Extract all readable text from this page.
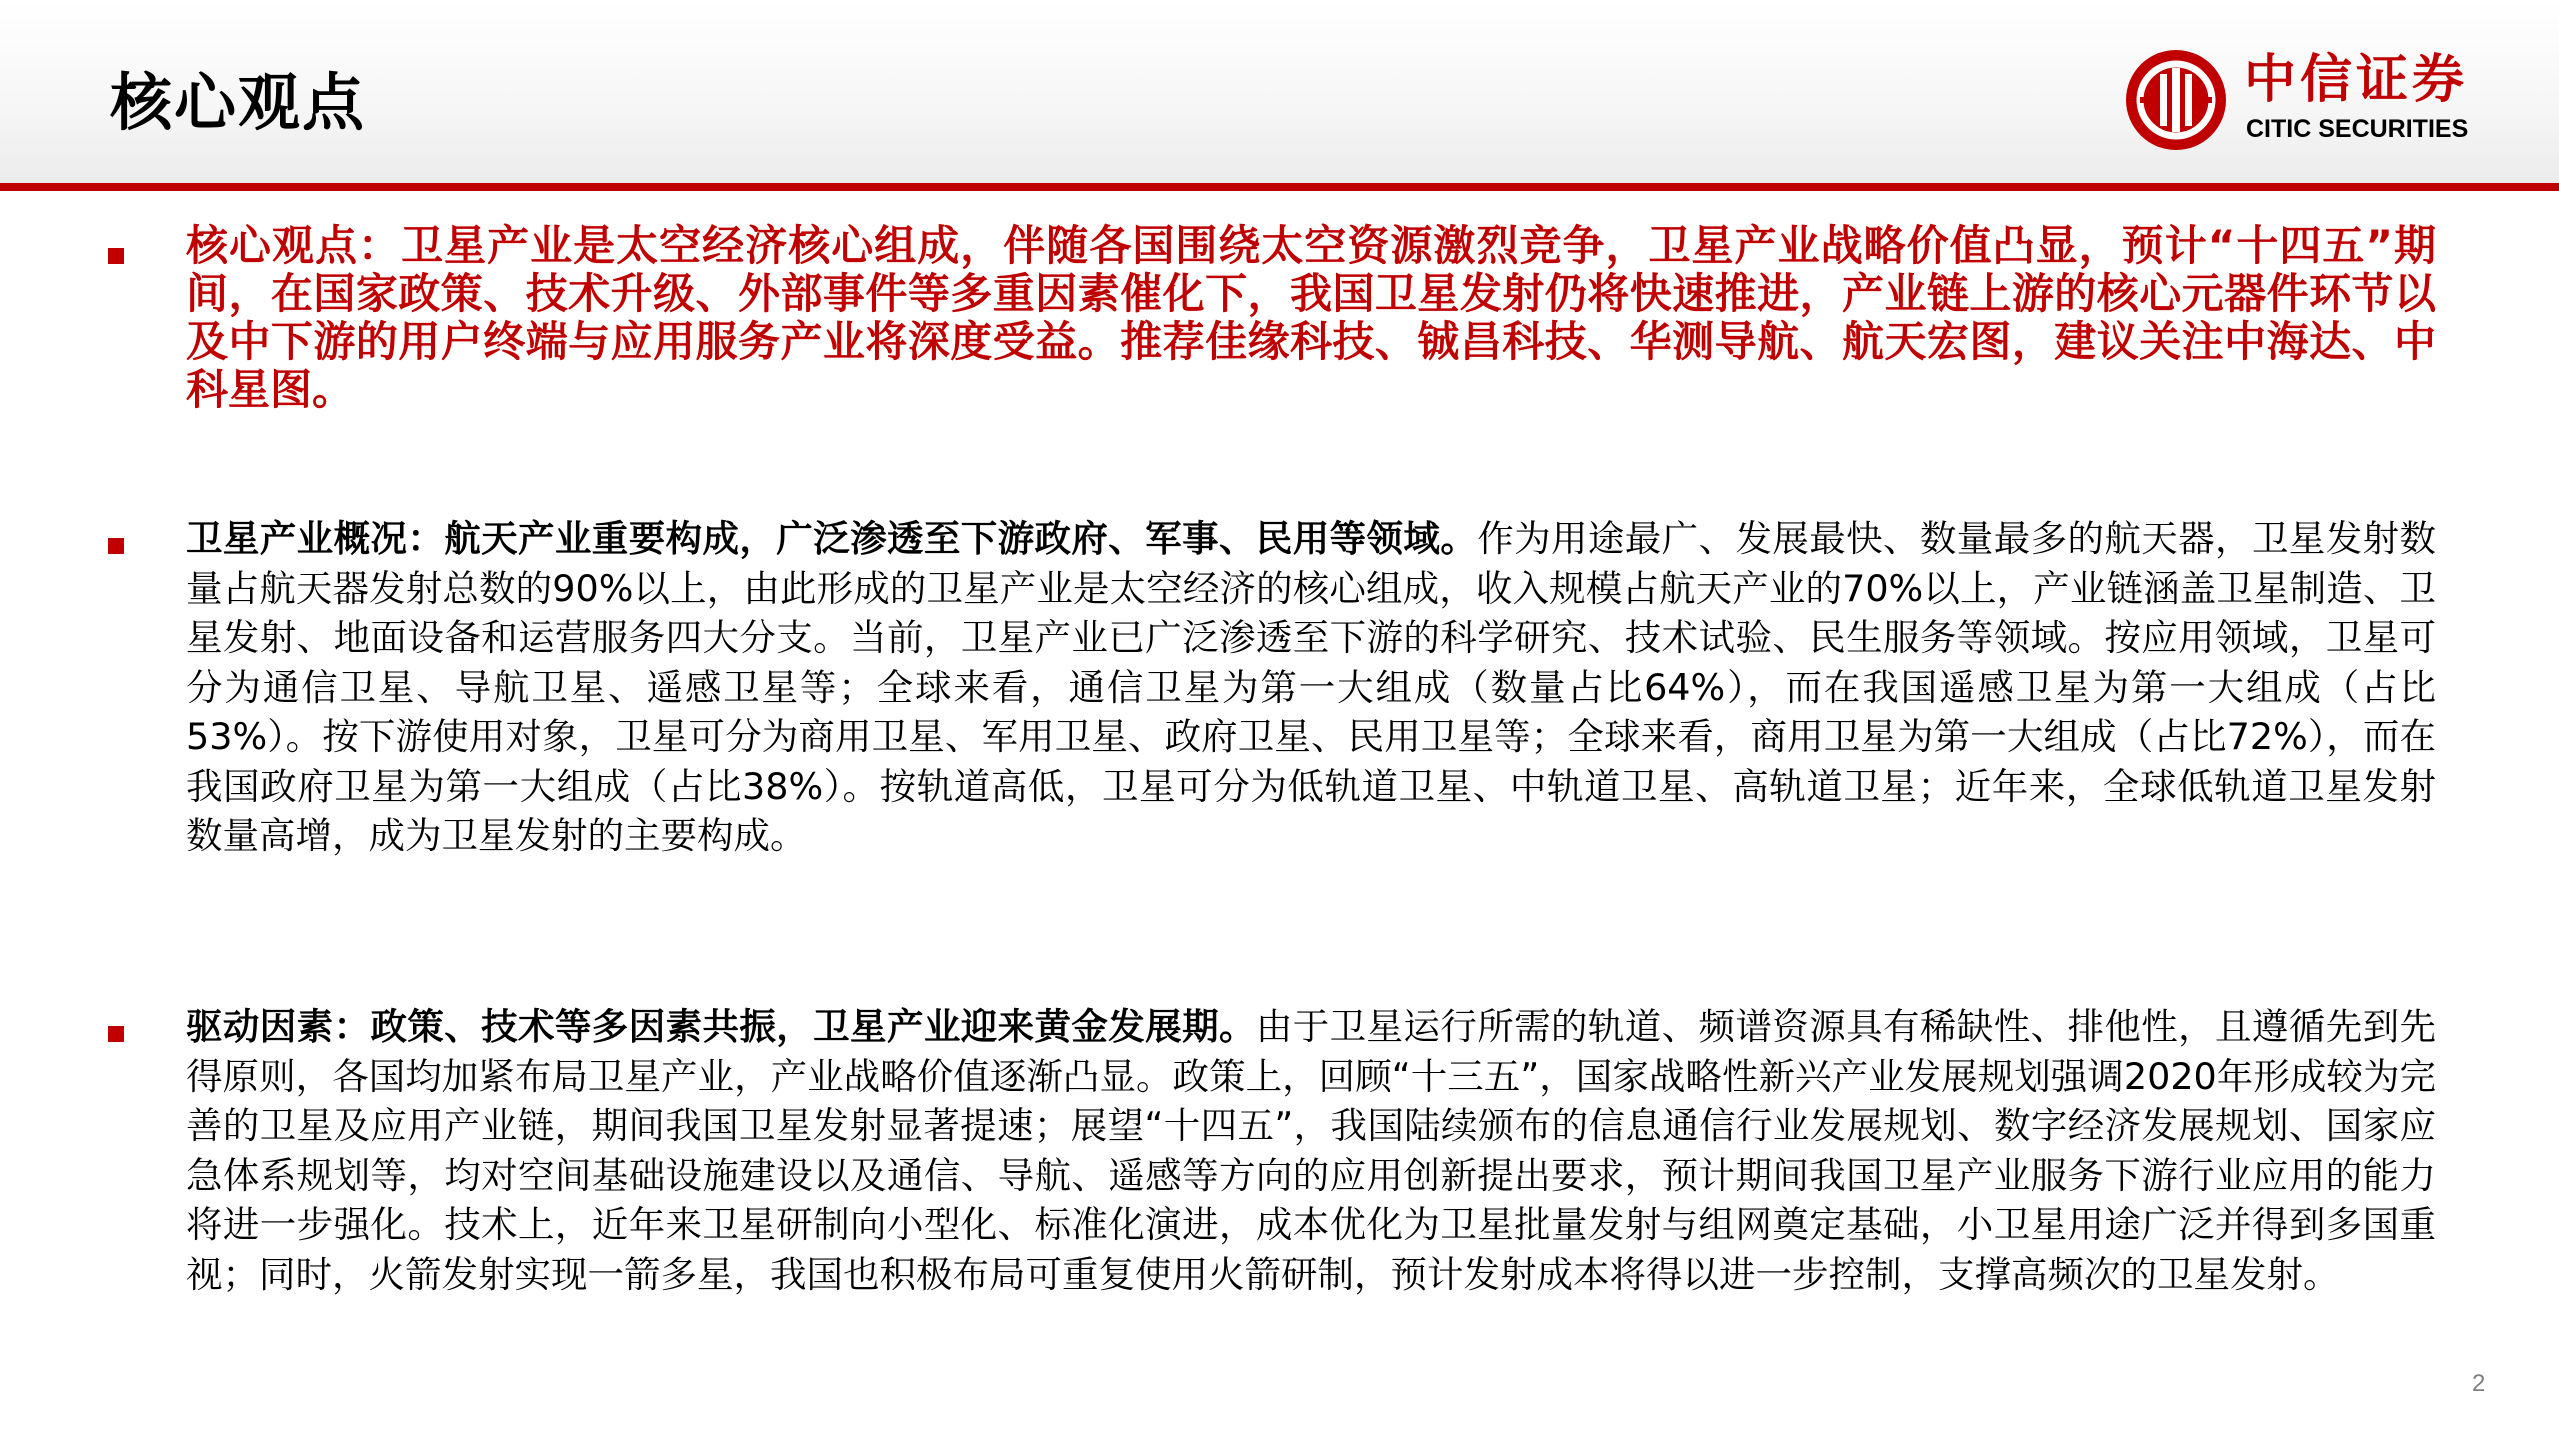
核心观点	中信证券
CITIC SECURITIES
核心观点：卫星产业是太空经济核心组成，伴随各国围绕太空资源激烈竞争，卫星产业战略价值凸显，预计“十四五”期间，在国家政策、技术升级、外部事件等多重因素催化下，我国卫星发射仍将快速推进，产业链上游的核心元器件环节以及中下游的用户终端与应用服务产业将深度受益。推荐佳缘科技、铖昌科技、华测导航、航天宏图，建议关注中海达、中科星图。
卫星产业概况：航天产业重要构成，广泛渗透至下游政府、军事、民用等领域。作为用途最广、发展最快、数量最多的航天器，卫星发射数量占航天器发射总数的90%以上，由此形成的卫星产业是太空经济的核心组成，收入规模占航天产业的70%以上，产业链涵盖卫星制造、卫星发射、地面设备和运营服务四大分支。当前，卫星产业已广泛渗透至下游的科学研究、技术试验、民生服务等领域。按应用领域，卫星可分为通信卫星、导航卫星、遥感卫星等；全球来看，通信卫星为第一大组成（数量占比64%），而在我国遥感卫星为第一大组成（占比53%）。按下游使用对象，卫星可分为商用卫星、军用卫星、政府卫星、民用卫星等；全球来看，商用卫星为第一大组成（占比72%），而在我国政府卫星为第一大组成（占比38%）。按轨道高低，卫星可分为低轨道卫星、中轨道卫星、高轨道卫星；近年来，全球低轨道卫星发射数量高增，成为卫星发射的主要构成。
驱动因素：政策、技术等多因素共振，卫星产业迎来黄金发展期。由于卫星运行所需的轨道、频谱资源具有稀缺性、排他性，且遵循先到先得原则，各国均加紧布局卫星产业，产业战略价值逐渐凸显。政策上，回顾“十三五”，国家战略性新兴产业发展规划强调2020年形成较为完善的卫星及应用产业链，期间我国卫星发射显著提速；展望“十四五”，我国陆续颁布的信息通信行业发展规划、数字经济发展规划、国家应急体系规划等，均对空间基础设施建设以及通信、导航、遥感等方向的应用创新提出要求，预计期间我国卫星产业服务下游行业应用的能力将进一步强化。技术上，近年来卫星研制向小型化、标准化演进，成本优化为卫星批量发射与组网奠定基础，小卫星用途广泛并得到多国重视；同时，火箭发射实现一箭多星，我国也积极布局可重复使用火箭研制，预计发射成本将得以进一步控制，支撑高频次的卫星发射。
2
